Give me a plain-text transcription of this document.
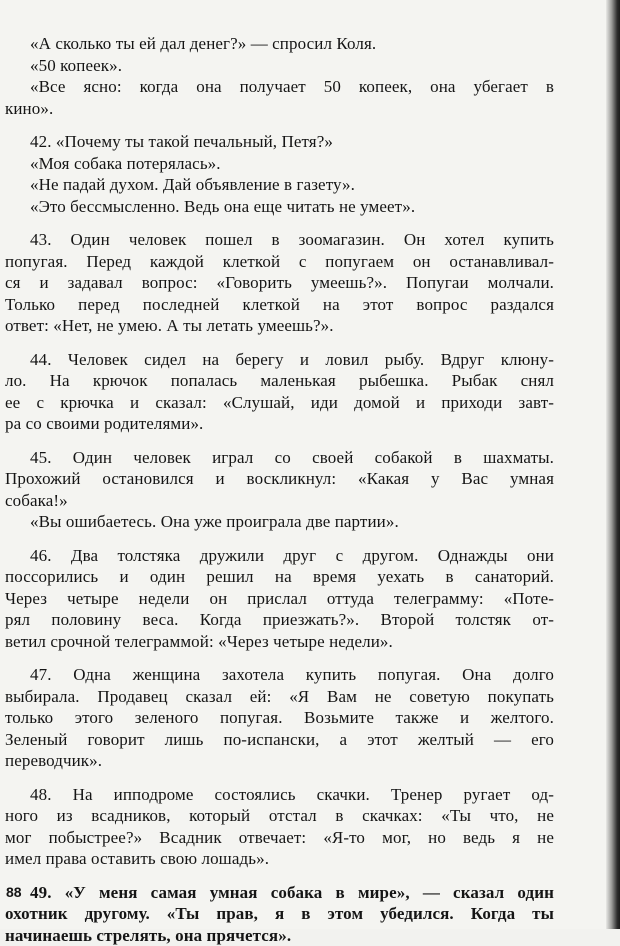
«А сколько ты ей дал денег?» — спросил Коля.
«50 копеек».
«Все ясно: когда она получает 50 копеек, она убегает в
кино».
42. «Почему ты такой печальный, Петя?»
«Моя собака потерялась».
«Не падай духом. Дай объявление в газету».
«Это бессмысленно. Ведь она еще читать не умеет».
43. Один человек пошел в зоомагазин. Он хотел купить
попугая. Перед каждой клеткой с попугаем он останавливал-
ся и задавал вопрос: «Говорить умеешь?». Попугаи молчали.
Только перед последней клеткой на этот вопрос раздался
ответ: «Нет, не умею. А ты летать умеешь?».
44. Человек сидел на берегу и ловил рыбу. Вдруг клюну-
ло. На крючок попалась маленькая рыбешка. Рыбак снял
ее с крючка и сказал: «Слушай, иди домой и приходи завт-
ра со своими родителями».
45. Один человек играл со своей собакой в шахматы.
Прохожий остановился и воскликнул: «Какая у Вас умная
собака!»
«Вы ошибаетесь. Она уже проиграла две партии».
46. Два толстяка дружили друг с другом. Однажды они
поссорились и один решил на время уехать в санаторий.
Через четыре недели он прислал оттуда телеграмму: «Поте-
рял половину веса. Когда приезжать?». Второй толстяк от-
ветил срочной телеграммой: «Через четыре недели».
47. Одна женщина захотела купить попугая. Она долго
выбирала. Продавец сказал ей: «Я Вам не советую покупать
только этого зеленого попугая. Возьмите также и желтого.
Зеленый говорит лишь по-испански, а этот желтый — его
переводчик».
48. На ипподроме состоялись скачки. Тренер ругает од-
ного из всадников, который отстал в скачках: «Ты что, не
мог побыстрее?» Всадник отвечает: «Я-то мог, но ведь я не
имел права оставить свою лошадь».
49. «У меня самая умная собака в мире», — сказал один
охотник другому. «Ты прав, я в этом убедился. Когда ты
начинаешь стрелять, она прячется».
88
